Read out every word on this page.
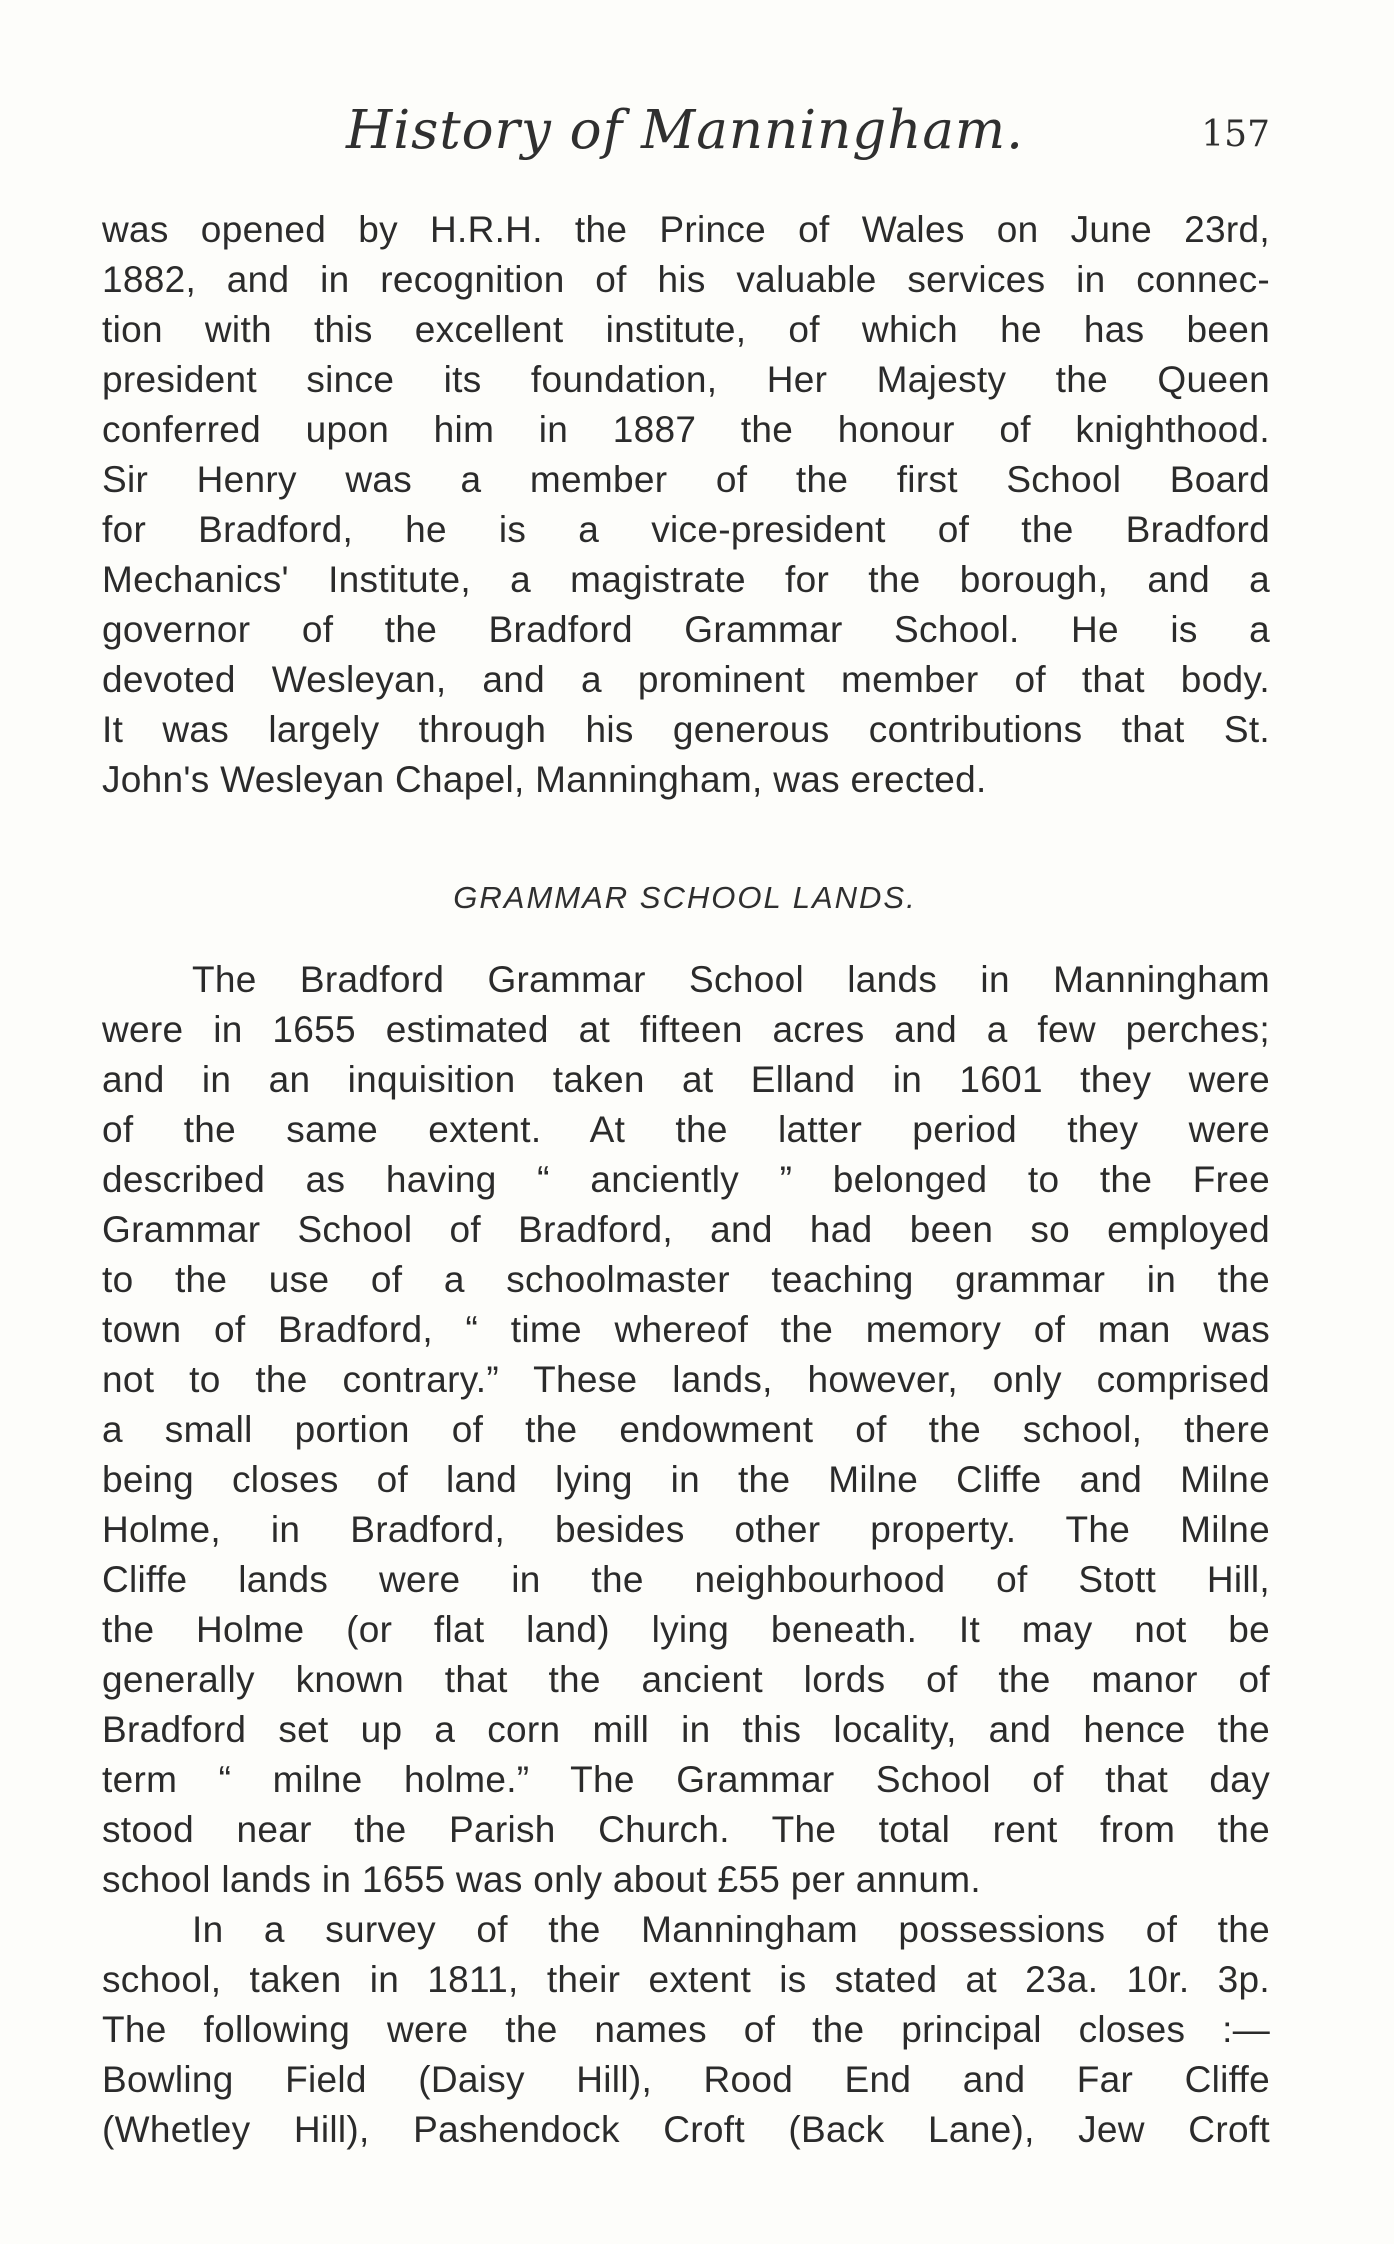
History of Manningham.	157
was opened by H.R.H. the Prince of Wales on June 23rd,
1882, and in recognition of his valuable services in connec-
tion with this excellent institute, of which he has been
president since its foundation, Her Majesty the Queen
conferred upon him in 1887 the honour of knighthood.
Sir Henry was a member of the first School Board
for Bradford, he is a vice-president of the Bradford
Mechanics' Institute, a magistrate for the borough, and a
governor of the Bradford Grammar School. He is a
devoted Wesleyan, and a prominent member of that body.
It was largely through his generous contributions that St.
John's Wesleyan Chapel, Manningham, was erected.
GRAMMAR SCHOOL LANDS.
The Bradford Grammar School lands in Manningham
were in 1655 estimated at fifteen acres and a few perches;
and in an inquisition taken at Elland in 1601 they were
of the same extent. At the latter period they were
described as having “ anciently ” belonged to the Free
Grammar School of Bradford, and had been so employed
to the use of a schoolmaster teaching grammar in the
town of Bradford, “ time whereof the memory of man was
not to the contrary.” These lands, however, only comprised
a small portion of the endowment of the school, there
being closes of land lying in the Milne Cliffe and Milne
Holme, in Bradford, besides other property. The Milne
Cliffe lands were in the neighbourhood of Stott Hill,
the Holme (or flat land) lying beneath. It may not be
generally known that the ancient lords of the manor of
Bradford set up a corn mill in this locality, and hence the
term “ milne holme.” The Grammar School of that day
stood near the Parish Church. The total rent from the
school lands in 1655 was only about £55 per annum.
In a survey of the Manningham possessions of the
school, taken in 1811, their extent is stated at 23a. 10r. 3p.
The following were the names of the principal closes :—
Bowling Field (Daisy Hill), Rood End and Far Cliffe
(Whetley Hill), Pashendock Croft (Back Lane), Jew Croft
